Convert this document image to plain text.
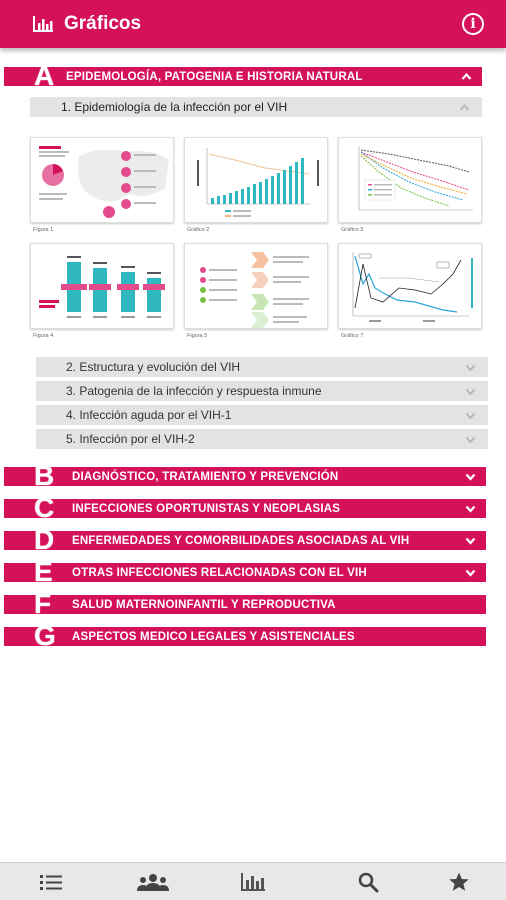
Gráficos	i
A EPIDEMOLOGÍA, PATOGENIA E HISTORIA NATURAL
1. Epidemiología de la infección por el VIH
Figura 1	Gráfico 2	Gráfico 3
Figura 4	Figura 5	Gráfico 7
2. Estructura y evolución del VIH
3. Patogenia de la infección y respuesta inmune
4. Infección aguda por el VIH-1
5. Infección por el VIH-2
B DIAGNÓSTICO, TRATAMIENTO Y PREVENCIÓN
C INFECCIONES OPORTUNISTAS Y NEOPLASIAS
D ENFERMEDADES Y COMORBILIDADES ASOCIADAS AL VIH
E OTRAS INFECCIONES RELACIONADAS CON EL VIH
F SALUD MATERNOINFANTIL Y REPRODUCTIVA
G ASPECTOS MEDICO LEGALES Y ASISTENCIALES
